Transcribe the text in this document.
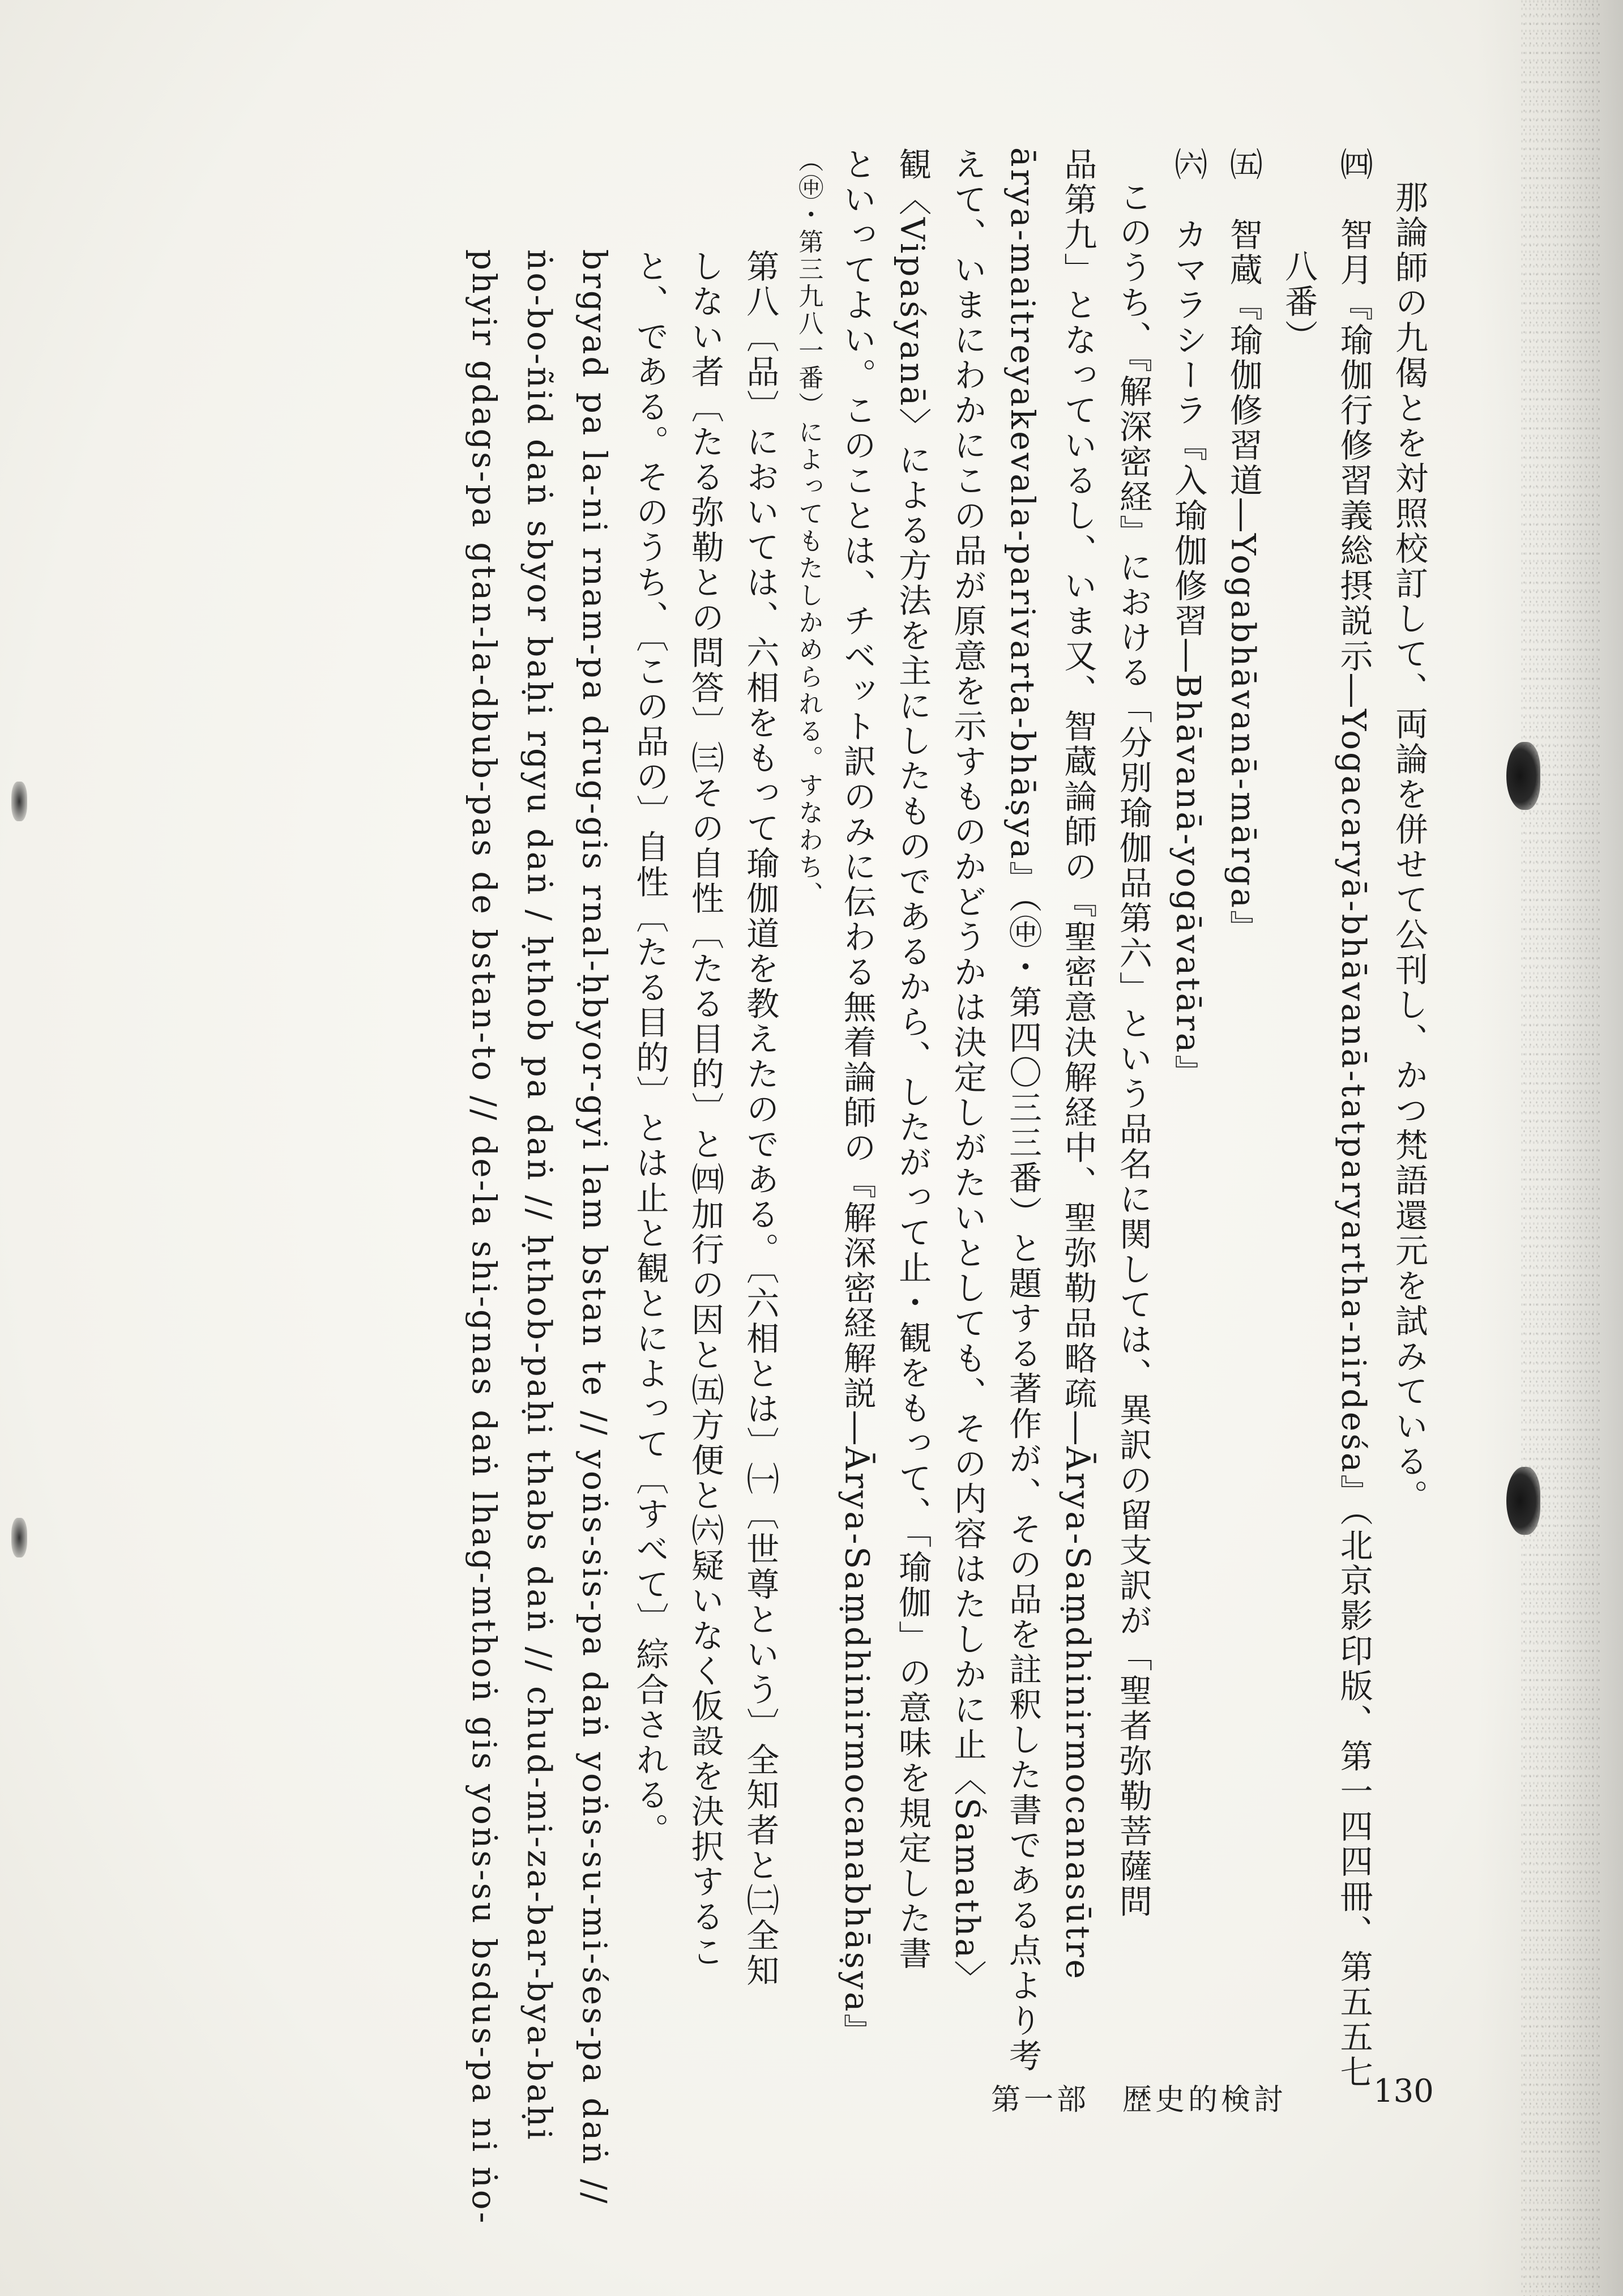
那論師の九偈とを対照校訂して、両論を併せて公刊し、かつ梵語還元を試みている。
㈣　智月『瑜伽行修習義総摂説示―Yogacaryā-bhāvanā-tatparyartha-nirdeśa』（北京影印版、第一四四冊、第五五七
八番）
㈤　智蔵『瑜伽修習道―Yogabhāvanā-mārga』
㈥　カマラシーラ『入瑜伽修習―Bhāvanā-yogāvatāra』
このうち、『解深密経』における「分別瑜伽品第六」という品名に関しては、異訳の留支訳が「聖者弥勒菩薩問
品第九」となっているし、いま又、智蔵論師の『聖密意決解経中、聖弥勒品略疏―Ārya-Saṃdhinirmocanasūtre
ārya-maitreyakevala-parivarta-bhāṣya』（㊥・第四〇三三番）と題する著作が、その品を註釈した書である点より考
えて、いまにわかにこの品が原意を示すものかどうかは決定しがたいとしても、その内容はたしかに止〈Śamatha〉
観〈Vipaśyanā〉による方法を主にしたものであるから、したがって止・観をもって、「瑜伽」の意味を規定した書
といってよい。このことは、チベット訳のみに伝わる無着論師の『解深密経解説―Ārya-Saṃdhinirmocanabhāṣya』
（㊥・第三九八一番）によってもたしかめられる。すなわち、
第八〔品〕においては、六相をもって瑜伽道を教えたのである。〔六相とは〕㈠〔世尊という〕全知者と㈡全知
しない者〔たる弥勒との問答〕㈢その自性〔たる目的〕と㈣加行の因と㈤方便と㈥疑いなく仮設を決択するこ
と、である。そのうち、〔この品の〕自性〔たる目的〕とは止と観とによって〔すべて〕綜合される。
brgyad pa la-ni rnam-pa drug-gis rnal-ḥbyor-gyi lam bstan te // yoṅs-sis-pa daṅ yoṅs-su-mi-śes-pa daṅ //
ṅo-bo-ñid daṅ sbyor baḥi rgyu daṅ / ḥthob pa daṅ // ḥthob-paḥi thabs daṅ // chud-mi-za-bar-bya-baḥi
phyir gdags-pa gtan-la-dbub-pas de bstan-to // de-la shi-gnas daṅ lhag-mthoṅ gis yoṅs-su bsdus-pa ni ṅo-	第一部　歴史的検討	130
